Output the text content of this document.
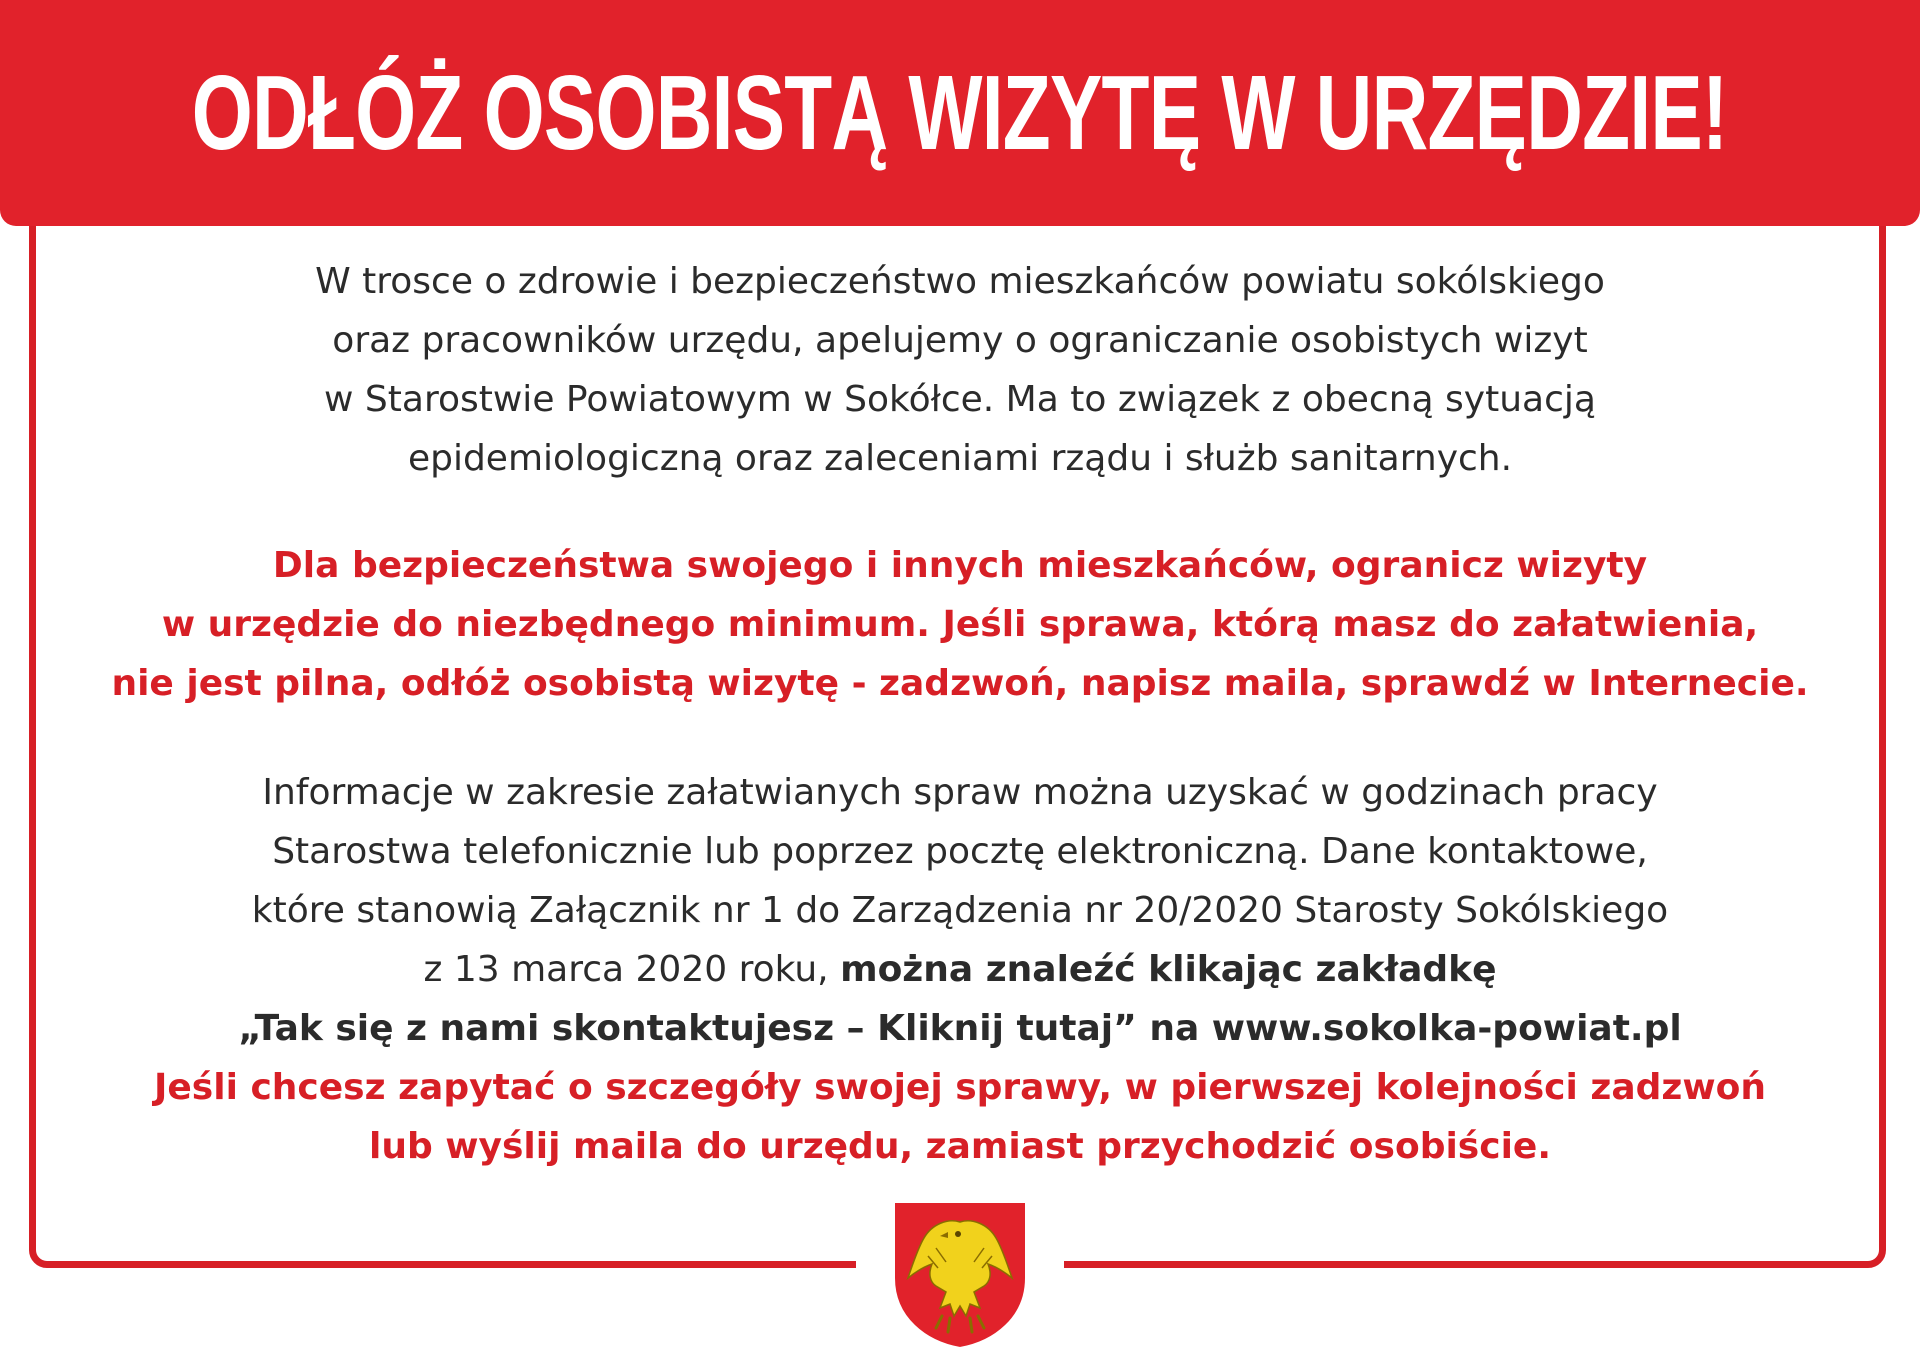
ODŁÓŻ OSOBISTĄ WIZYTĘ W URZĘDZIE!

W trosce o zdrowie i bezpieczeństwo mieszkańców powiatu sokólskiego
oraz pracowników urzędu, apelujemy o ograniczanie osobistych wizyt
w Starostwie Powiatowym w Sokółce. Ma to związek z obecną sytuacją
epidemiologiczną oraz zaleceniami rządu i służb sanitarnych.

Dla bezpieczeństwa swojego i innych mieszkańców, ogranicz wizyty
w urzędzie do niezbędnego minimum. Jeśli sprawa, którą masz do załatwienia,
nie jest pilna, odłóż osobistą wizytę - zadzwoń, napisz maila, sprawdź w Internecie.

Informacje w zakresie załatwianych spraw można uzyskać w godzinach pracy
Starostwa telefonicznie lub poprzez pocztę elektroniczną. Dane kontaktowe,
które stanowią Załącznik nr 1 do Zarządzenia nr 20/2020 Starosty Sokólskiego
z 13 marca 2020 roku, można znaleźć klikając zakładkę
„Tak się z nami skontaktujesz – Kliknij tutaj” na www.sokolka-powiat.pl
Jeśli chcesz zapytać o szczegóły swojej sprawy, w pierwszej kolejności zadzwoń
lub wyślij maila do urzędu, zamiast przychodzić osobiście.
